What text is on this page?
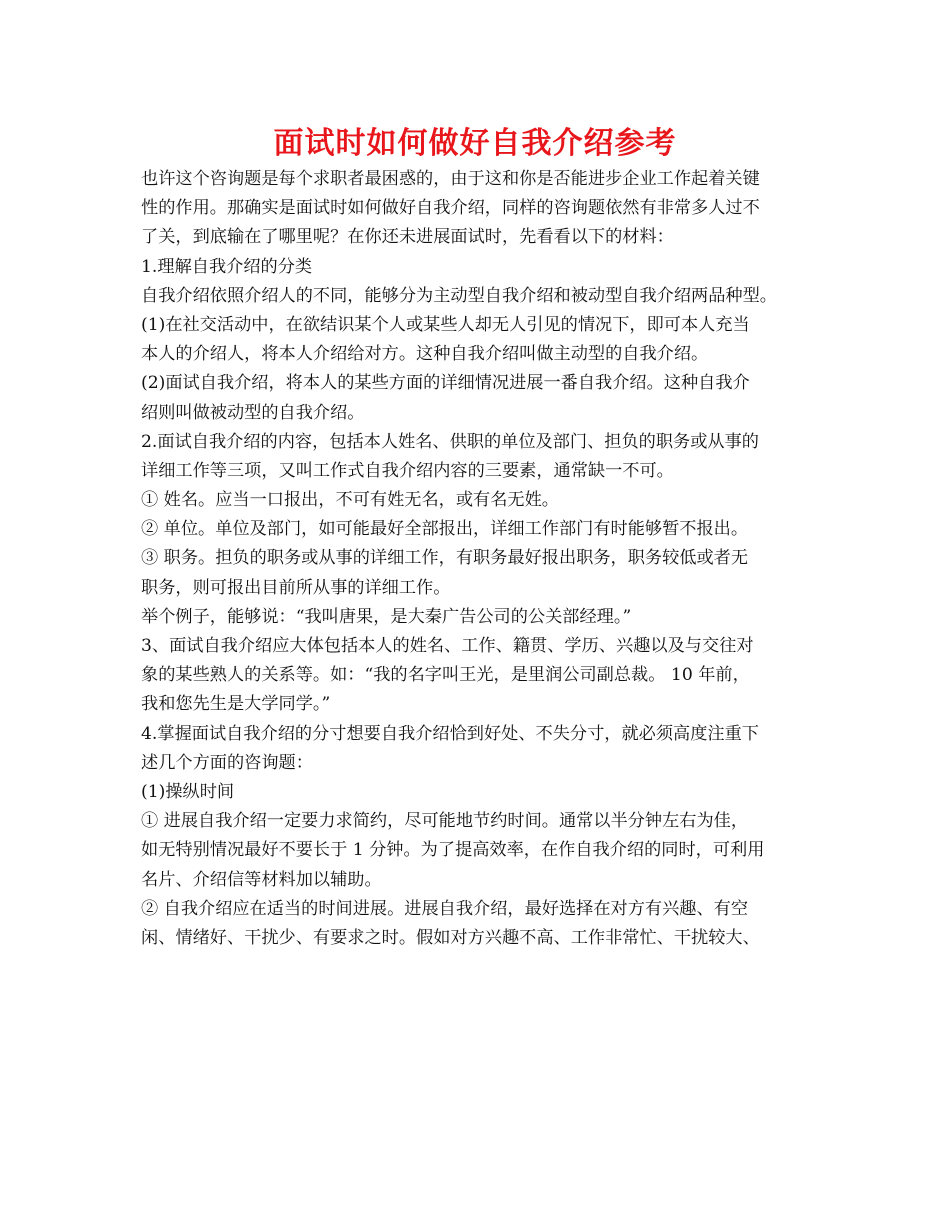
面试时如何做好自我介绍参考
也许这个咨询题是每个求职者最困惑的，由于这和你是否能进步企业工作起着关键
性的作用。那确实是面试时如何做好自我介绍，同样的咨询题依然有非常多人过不
了关，到底输在了哪里呢？在你还未进展面试时，先看看以下的材料：
1.理解自我介绍的分类
自我介绍依照介绍人的不同，能够分为主动型自我介绍和被动型自我介绍两品种型。
(1)在社交活动中，在欲结识某个人或某些人却无人引见的情况下，即可本人充当
本人的介绍人，将本人介绍给对方。这种自我介绍叫做主动型的自我介绍。
(2)面试自我介绍，将本人的某些方面的详细情况进展一番自我介绍。这种自我介
绍则叫做被动型的自我介绍。
2.面试自我介绍的内容，包括本人姓名、供职的单位及部门、担负的职务或从事的
详细工作等三项，又叫工作式自我介绍内容的三要素，通常缺一不可。
① 姓名。应当一口报出，不可有姓无名，或有名无姓。
② 单位。单位及部门，如可能最好全部报出，详细工作部门有时能够暂不报出。
③ 职务。担负的职务或从事的详细工作，有职务最好报出职务，职务较低或者无
职务，则可报出目前所从事的详细工作。
举个例子，能够说：“我叫唐果，是大秦广告公司的公关部经理。”
3、面试自我介绍应大体包括本人的姓名、工作、籍贯、学历、兴趣以及与交往对
象的某些熟人的关系等。如：“我的名字叫王光，是里润公司副总裁。 10 年前，
我和您先生是大学同学。”
4.掌握面试自我介绍的分寸想要自我介绍恰到好处、不失分寸，就必须高度注重下
述几个方面的咨询题：
(1)操纵时间
① 进展自我介绍一定要力求简约，尽可能地节约时间。通常以半分钟左右为佳，
如无特别情况最好不要长于 1 分钟。为了提高效率，在作自我介绍的同时，可利用
名片、介绍信等材料加以辅助。
② 自我介绍应在适当的时间进展。进展自我介绍，最好选择在对方有兴趣、有空
闲、情绪好、干扰少、有要求之时。假如对方兴趣不高、工作非常忙、干扰较大、
